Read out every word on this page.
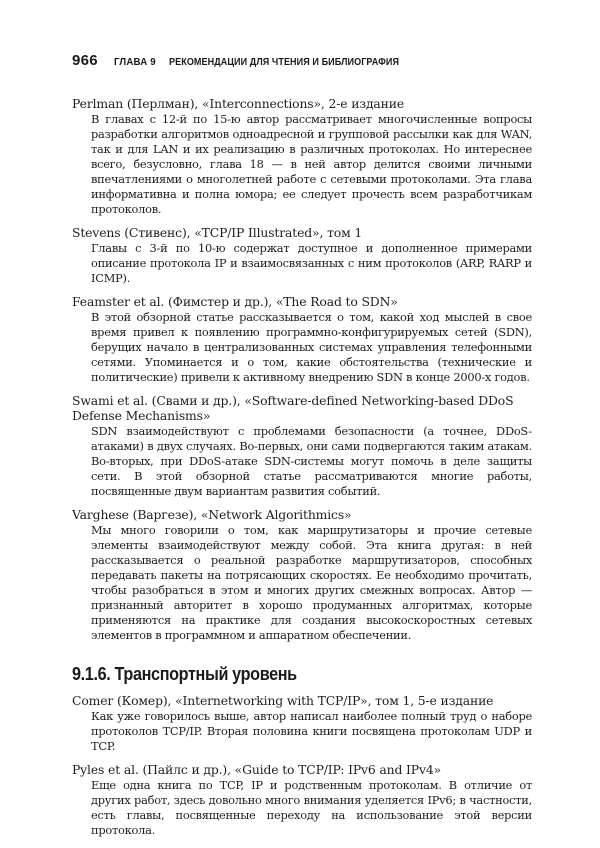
966 ГЛАВА 9 РЕКОМЕНДАЦИИ ДЛЯ ЧТЕНИЯ И БИБЛИОГРАФИЯ

Perlman (Перлман), «Interconnections», 2-е издание

В главах с 12-й по 15-ю автор рассматривает многочисленные вопросы разработки алгоритмов одноадресной и групповой рассылки как для WAN, так и для LAN и их реализацию в различных протоколах. Но интереснее всего, безусловно, глава 18 — в ней автор делится своими личными впечатлениями о многолетней работе с сетевыми протоколами. Эта глава информативна и полна юмора; ее следует прочесть всем разработчикам протоколов.

Stevens (Стивенс), «TCP/IP Illustrated», том 1

Главы с 3-й по 10-ю содержат доступное и дополненное примерами описание протокола IP и взаимосвязанных с ним протоколов (ARP, RARP и ICMP).

Feamster et al. (Фимстер и др.), «The Road to SDN»

В этой обзорной статье рассказывается о том, какой ход мыслей в свое время привел к появлению программно-конфигурируемых сетей (SDN), берущих начало в централизованных системах управления телефонными сетями. Упоминается и о том, какие обстоятельства (технические и политические) привели к активному внедрению SDN в конце 2000-х годов.

Swami et al. (Свами и др.), «Software-defined Networking-based DDoS Defense Mechanisms»

SDN взаимодействуют с проблемами безопасности (а точнее, DDoS-атаками) в двух случаях. Во-первых, они сами подвергаются таким атакам. Во-вторых, при DDoS-атаке SDN-системы могут помочь в деле защиты сети. В этой обзорной статье рассматриваются многие работы, посвященные двум вариантам развития событий.

Varghese (Варгезе), «Network Algorithmics»

Мы много говорили о том, как маршрутизаторы и прочие сетевые элементы взаимодействуют между собой. Эта книга другая: в ней рассказывается о реальной разработке маршрутизаторов, способных передавать пакеты на потрясающих скоростях. Ее необходимо прочитать, чтобы разобраться в этом и многих других смежных вопросах. Автор — признанный авторитет в хорошо продуманных алгоритмах, которые применяются на практике для создания высокоскоростных сетевых элементов в программном и аппаратном обеспечении.

9.1.6. Транспортный уровень

Comer (Комер), «Internetworking with TCP/IP», том 1, 5-е издание

Как уже говорилось выше, автор написал наиболее полный труд о наборе протоколов TCP/IP. Вторая половина книги посвящена протоколам UDP и TCP.

Pyles et al. (Пайлс и др.), «Guide to TCP/IP: IPv6 and IPv4»

Еще одна книга по TCP, IP и родственным протоколам. В отличие от других работ, здесь довольно много внимания уделяется IPv6; в частности, есть главы, посвященные переходу на использование этой версии протокола.
